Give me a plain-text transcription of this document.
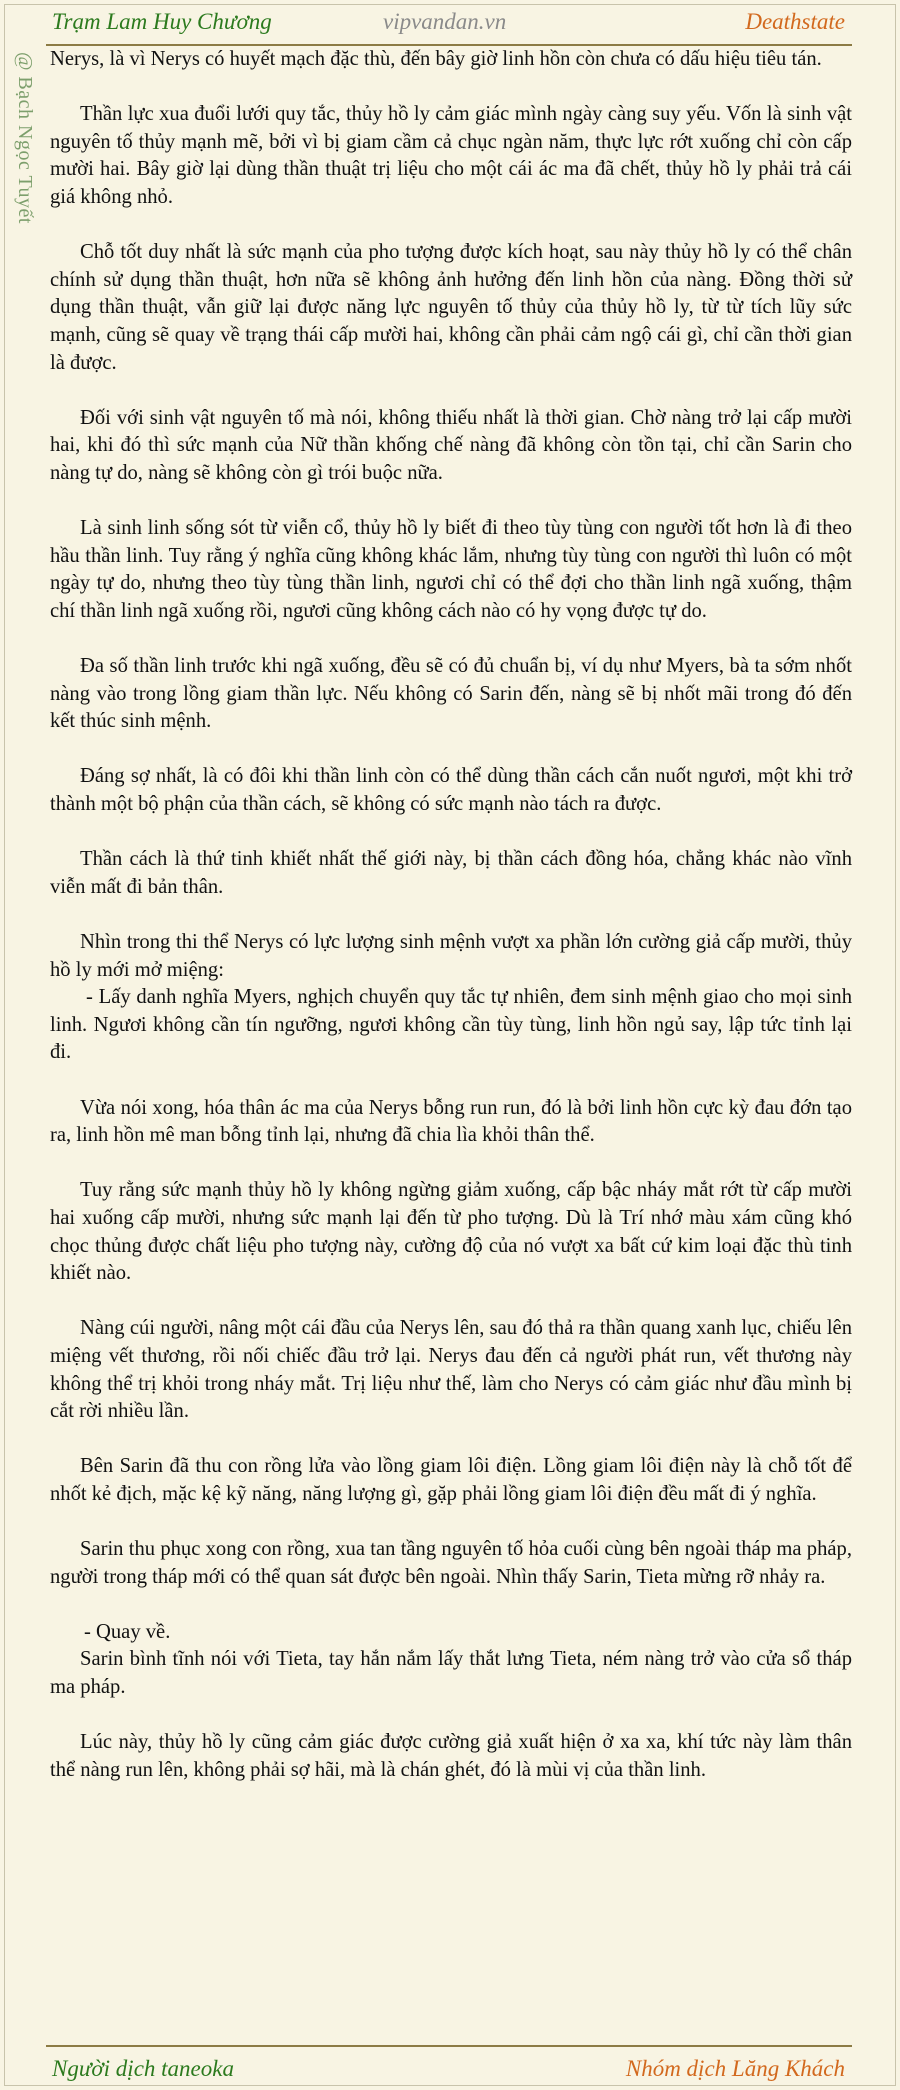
Trạm Lam Huy Chương	vipvandan.vn	Deathstate
@ Bạch Ngọc Tuyết Nerys, là vì Nerys có huyết mạch đặc thù, đến bây giờ linh hồn còn chưa có dấu hiệu tiêu tán.

Thần lực xua đuổi lưới quy tắc, thủy hồ ly cảm giác mình ngày càng suy yếu. Vốn là sinh vật nguyên tố thủy mạnh mẽ, bởi vì bị giam cầm cả chục ngàn năm, thực lực rớt xuống chỉ còn cấp mười hai. Bây giờ lại dùng thần thuật trị liệu cho một cái ác ma đã chết, thủy hồ ly phải trả cái giá không nhỏ.

Chỗ tốt duy nhất là sức mạnh của pho tượng được kích hoạt, sau này thủy hồ ly có thể chân chính sử dụng thần thuật, hơn nữa sẽ không ảnh hưởng đến linh hồn của nàng. Đồng thời sử dụng thần thuật, vẫn giữ lại được năng lực nguyên tố thủy của thủy hồ ly, từ từ tích lũy sức mạnh, cũng sẽ quay về trạng thái cấp mười hai, không cần phải cảm ngộ cái gì, chỉ cần thời gian là được.

Đối với sinh vật nguyên tố mà nói, không thiếu nhất là thời gian. Chờ nàng trở lại cấp mười hai, khi đó thì sức mạnh của Nữ thần khống chế nàng đã không còn tồn tại, chỉ cần Sarin cho nàng tự do, nàng sẽ không còn gì trói buộc nữa.

Là sinh linh sống sót từ viễn cổ, thủy hồ ly biết đi theo tùy tùng con người tốt hơn là đi theo hầu thần linh. Tuy rằng ý nghĩa cũng không khác lắm, nhưng tùy tùng con người thì luôn có một ngày tự do, nhưng theo tùy tùng thần linh, ngươi chỉ có thể đợi cho thần linh ngã xuống, thậm chí thần linh ngã xuống rồi, ngươi cũng không cách nào có hy vọng được tự do.

Đa số thần linh trước khi ngã xuống, đều sẽ có đủ chuẩn bị, ví dụ như Myers, bà ta sớm nhốt nàng vào trong lồng giam thần lực. Nếu không có Sarin đến, nàng sẽ bị nhốt mãi trong đó đến kết thúc sinh mệnh.

Đáng sợ nhất, là có đôi khi thần linh còn có thể dùng thần cách cắn nuốt ngươi, một khi trở thành một bộ phận của thần cách, sẽ không có sức mạnh nào tách ra được.

Thần cách là thứ tinh khiết nhất thế giới này, bị thần cách đồng hóa, chẳng khác nào vĩnh viễn mất đi bản thân.

Nhìn trong thi thể Nerys có lực lượng sinh mệnh vượt xa phần lớn cường giả cấp mười, thủy hồ ly mới mở miệng:

- Lấy danh nghĩa Myers, nghịch chuyển quy tắc tự nhiên, đem sinh mệnh giao cho mọi sinh linh. Ngươi không cần tín ngưỡng, ngươi không cần tùy tùng, linh hồn ngủ say, lập tức tỉnh lại đi.

Vừa nói xong, hóa thân ác ma của Nerys bỗng run run, đó là bởi linh hồn cực kỳ đau đớn tạo ra, linh hồn mê man bỗng tỉnh lại, nhưng đã chia lìa khỏi thân thể.

Tuy rằng sức mạnh thủy hồ ly không ngừng giảm xuống, cấp bậc nháy mắt rớt từ cấp mười hai xuống cấp mười, nhưng sức mạnh lại đến từ pho tượng. Dù là Trí nhớ màu xám cũng khó chọc thủng được chất liệu pho tượng này, cường độ của nó vượt xa bất cứ kim loại đặc thù tinh khiết nào.

Nàng cúi người, nâng một cái đầu của Nerys lên, sau đó thả ra thần quang xanh lục, chiếu lên miệng vết thương, rồi nối chiếc đầu trở lại. Nerys đau đến cả người phát run, vết thương này không thể trị khỏi trong nháy mắt. Trị liệu như thế, làm cho Nerys có cảm giác như đầu mình bị cắt rời nhiều lần.

Bên Sarin đã thu con rồng lửa vào lồng giam lôi điện. Lồng giam lôi điện này là chỗ tốt để nhốt kẻ địch, mặc kệ kỹ năng, năng lượng gì, gặp phải lồng giam lôi điện đều mất đi ý nghĩa.

Sarin thu phục xong con rồng, xua tan tầng nguyên tố hỏa cuối cùng bên ngoài tháp ma pháp, người trong tháp mới có thể quan sát được bên ngoài. Nhìn thấy Sarin, Tieta mừng rỡ nhảy ra.

- Quay về.

Sarin bình tĩnh nói với Tieta, tay hắn nắm lấy thắt lưng Tieta, ném nàng trở vào cửa sổ tháp ma pháp.

Lúc này, thủy hồ ly cũng cảm giác được cường giả xuất hiện ở xa xa, khí tức này làm thân thể nàng run lên, không phải sợ hãi, mà là chán ghét, đó là mùi vị của thần linh.

Người dịch taneoka	Nhóm dịch Lăng Khách
